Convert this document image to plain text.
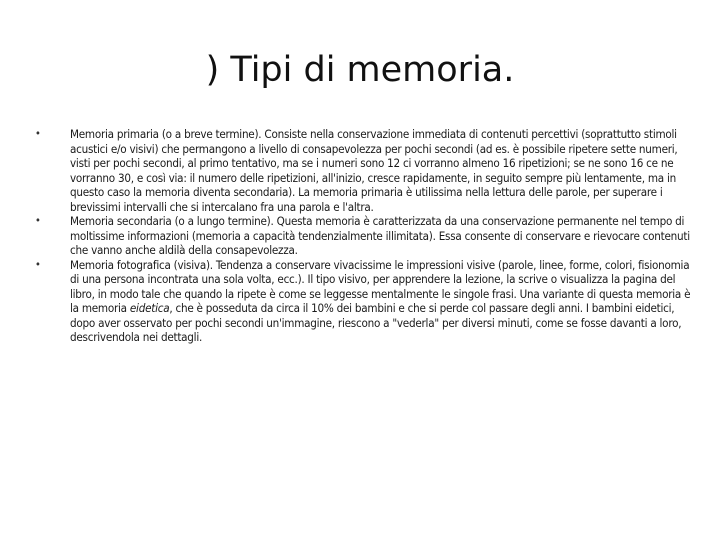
) Tipi di memoria.

•	Memoria primaria (o a breve termine). Consiste nella conservazione immediata di contenuti percettivi (soprattutto stimoli acustici e/o visivi) che permangono a livello di consapevolezza per pochi secondi (ad es. è possibile ripetere sette numeri, visti per pochi secondi, al primo tentativo, ma se i numeri sono 12 ci vorranno almeno 16 ripetizioni; se ne sono 16 ce ne vorranno 30, e così via: il numero delle ripetizioni, all'inizio, cresce rapidamente, in seguito sempre più lentamente, ma in questo caso la memoria diventa secondaria). La memoria primaria è utilissima nella lettura delle parole, per superare i brevissimi intervalli che si intercalano fra una parola e l'altra.

•	Memoria secondaria (o a lungo termine). Questa memoria è caratterizzata da una conservazione permanente nel tempo di moltissime informazioni (memoria a capacità tendenzialmente illimitata). Essa consente di conservare e rievocare contenuti che vanno anche aldilà della consapevolezza.

•	Memoria fotografica (visiva). Tendenza a conservare vivacissime le impressioni visive (parole, linee, forme, colori, fisionomia di una persona incontrata una sola volta, ecc.). Il tipo visivo, per apprendere la lezione, la scrive o visualizza la pagina del libro, in modo tale che quando la ripete è come se leggesse mentalmente le singole frasi. Una variante di questa memoria è la memoria eidetica, che è posseduta da circa il 10% dei bambini e che si perde col passare degli anni. I bambini eidetici, dopo aver osservato per pochi secondi un'immagine, riescono a "vederla" per diversi minuti, come se fosse davanti a loro, descrivendola nei dettagli.
